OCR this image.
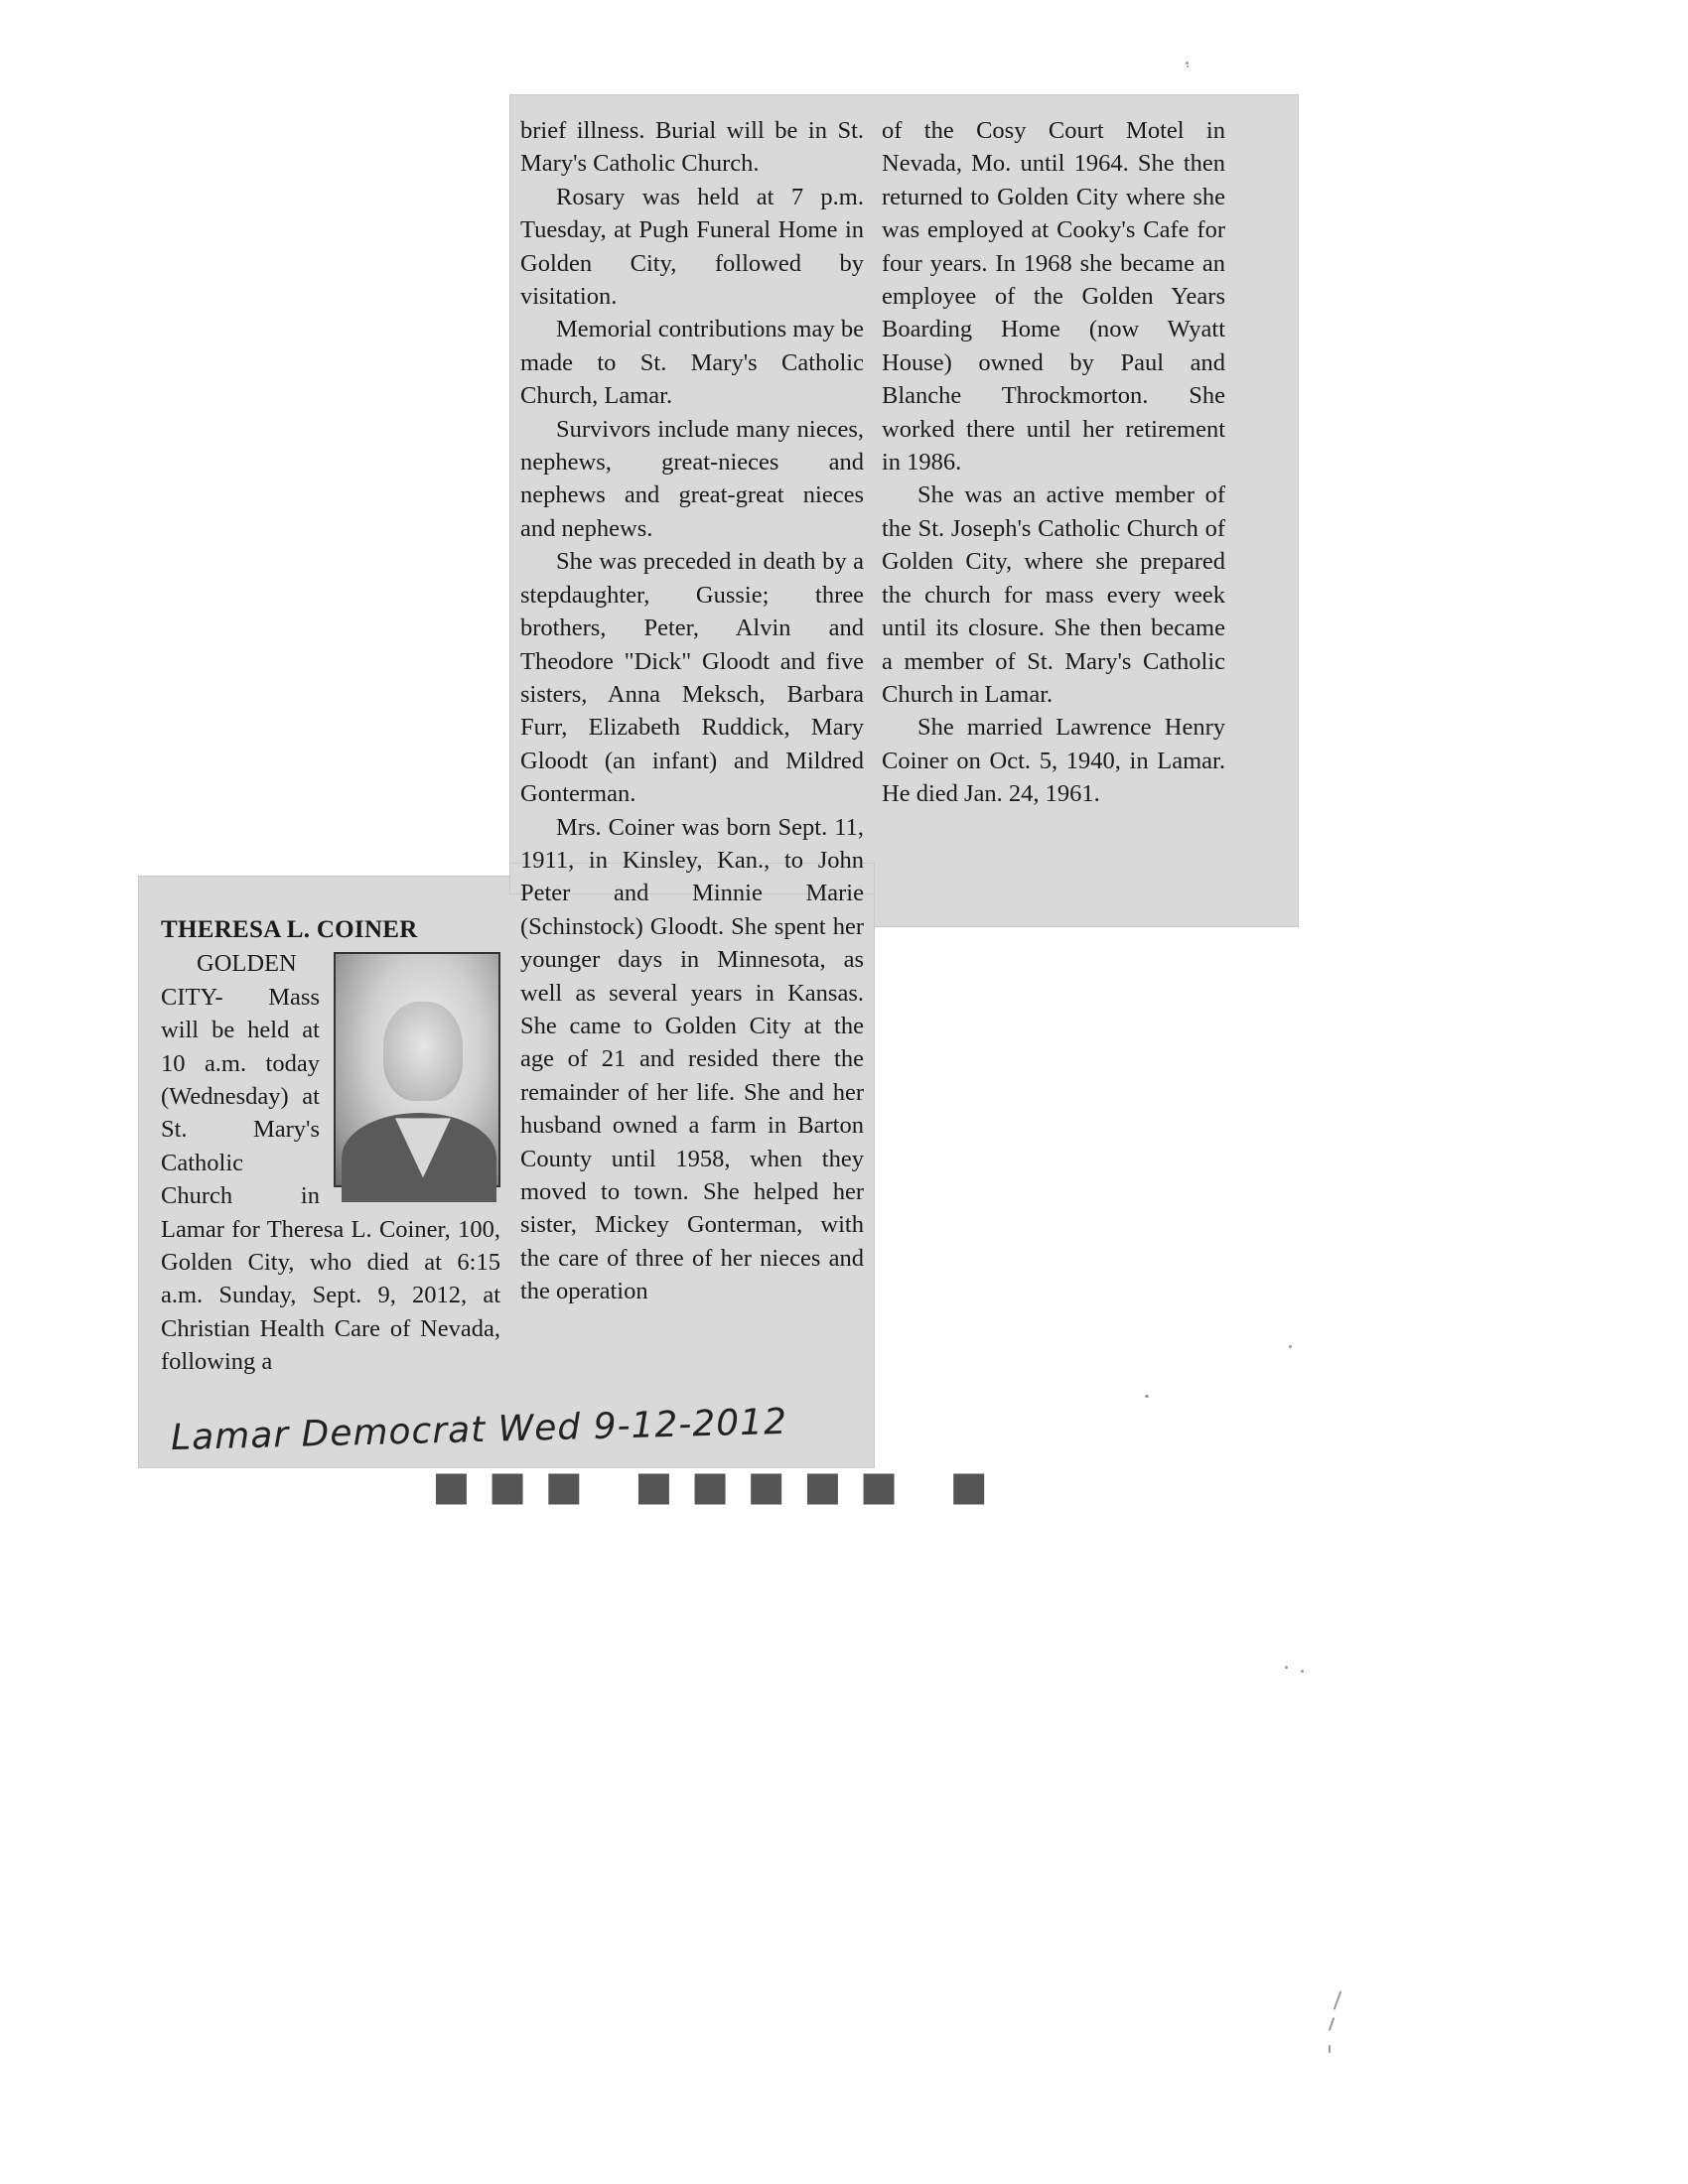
THERESA L. COINER

GOLDEN CITY- Mass will be held at 10 a.m. today (Wednesday) at St. Mary's Catholic Church in Lamar for Theresa L. Coiner, 100, Golden City, who died at 6:15 a.m. Sunday, Sept. 9, 2012, at Christian Health Care of Nevada, following a

brief illness. Burial will be in St. Mary's Catholic Church.

Rosary was held at 7 p.m. Tuesday, at Pugh Funeral Home in Golden City, followed by visitation.

Memorial contributions may be made to St. Mary's Catholic Church, Lamar.

Survivors include many nieces, nephews, great-nieces and nephews and great-great nieces and nephews.

She was preceded in death by a stepdaughter, Gussie; three brothers, Peter, Alvin and Theodore "Dick" Gloodt and five sisters, Anna Meksch, Barbara Furr, Elizabeth Ruddick, Mary Gloodt (an infant) and Mildred Gonterman.

Mrs. Coiner was born Sept. 11, 1911, in Kinsley, Kan., to John Peter and Minnie Marie (Schinstock) Gloodt. She spent her younger days in Minnesota, as well as several years in Kansas. She came to Golden City at the age of 21 and resided there the remainder of her life. She and her husband owned a farm in Barton County until 1958, when they moved to town. She helped her sister, Mickey Gonterman, with the care of three of her nieces and the operation

of the Cosy Court Motel in Nevada, Mo. until 1964. She then returned to Golden City where she was employed at Cooky's Cafe for four years. In 1968 she became an employee of the Golden Years Boarding Home (now Wyatt House) owned by Paul and Blanche Throckmorton. She worked there until her retirement in 1986.

She was an active member of the St. Joseph's Catholic Church of Golden City, where she prepared the church for mass every week until its closure. She then became a member of St. Mary's Catholic Church in Lamar.

She married Lawrence Henry Coiner on Oct. 5, 1940, in Lamar. He died Jan. 24, 1961.

■■■ ■■■■■ ■
Lamar Democrat Wed 9-12-2012
